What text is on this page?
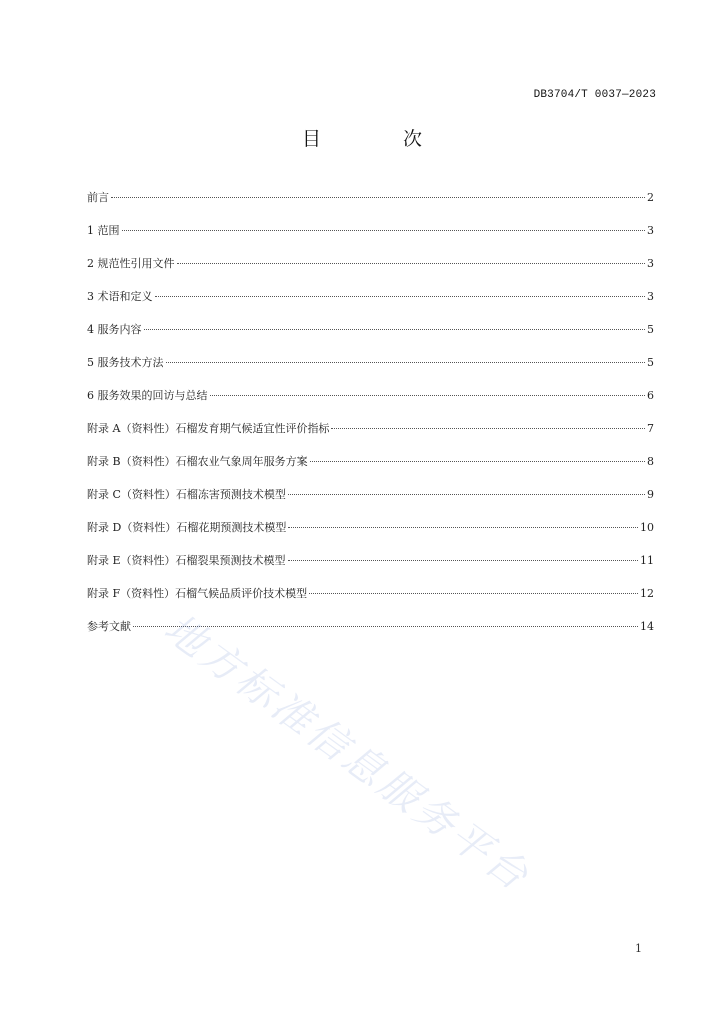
DB3704/T 0037—2023
目 次
前言	2
1 范围	3
2 规范性引用文件	3
3 术语和定义	3
4 服务内容	5
5 服务技术方法	5
6 服务效果的回访与总结	6
附录 A（资料性）石榴发育期气候适宜性评价指标	7
附录 B（资料性）石榴农业气象周年服务方案	8
附录 C（资料性）石榴冻害预测技术模型	9
附录 D（资料性）石榴花期预测技术模型	10
附录 E（资料性）石榴裂果预测技术模型	11
附录 F（资料性）石榴气候品质评价技术模型	12
参考文献	14
地方标准信息服务平台
1
